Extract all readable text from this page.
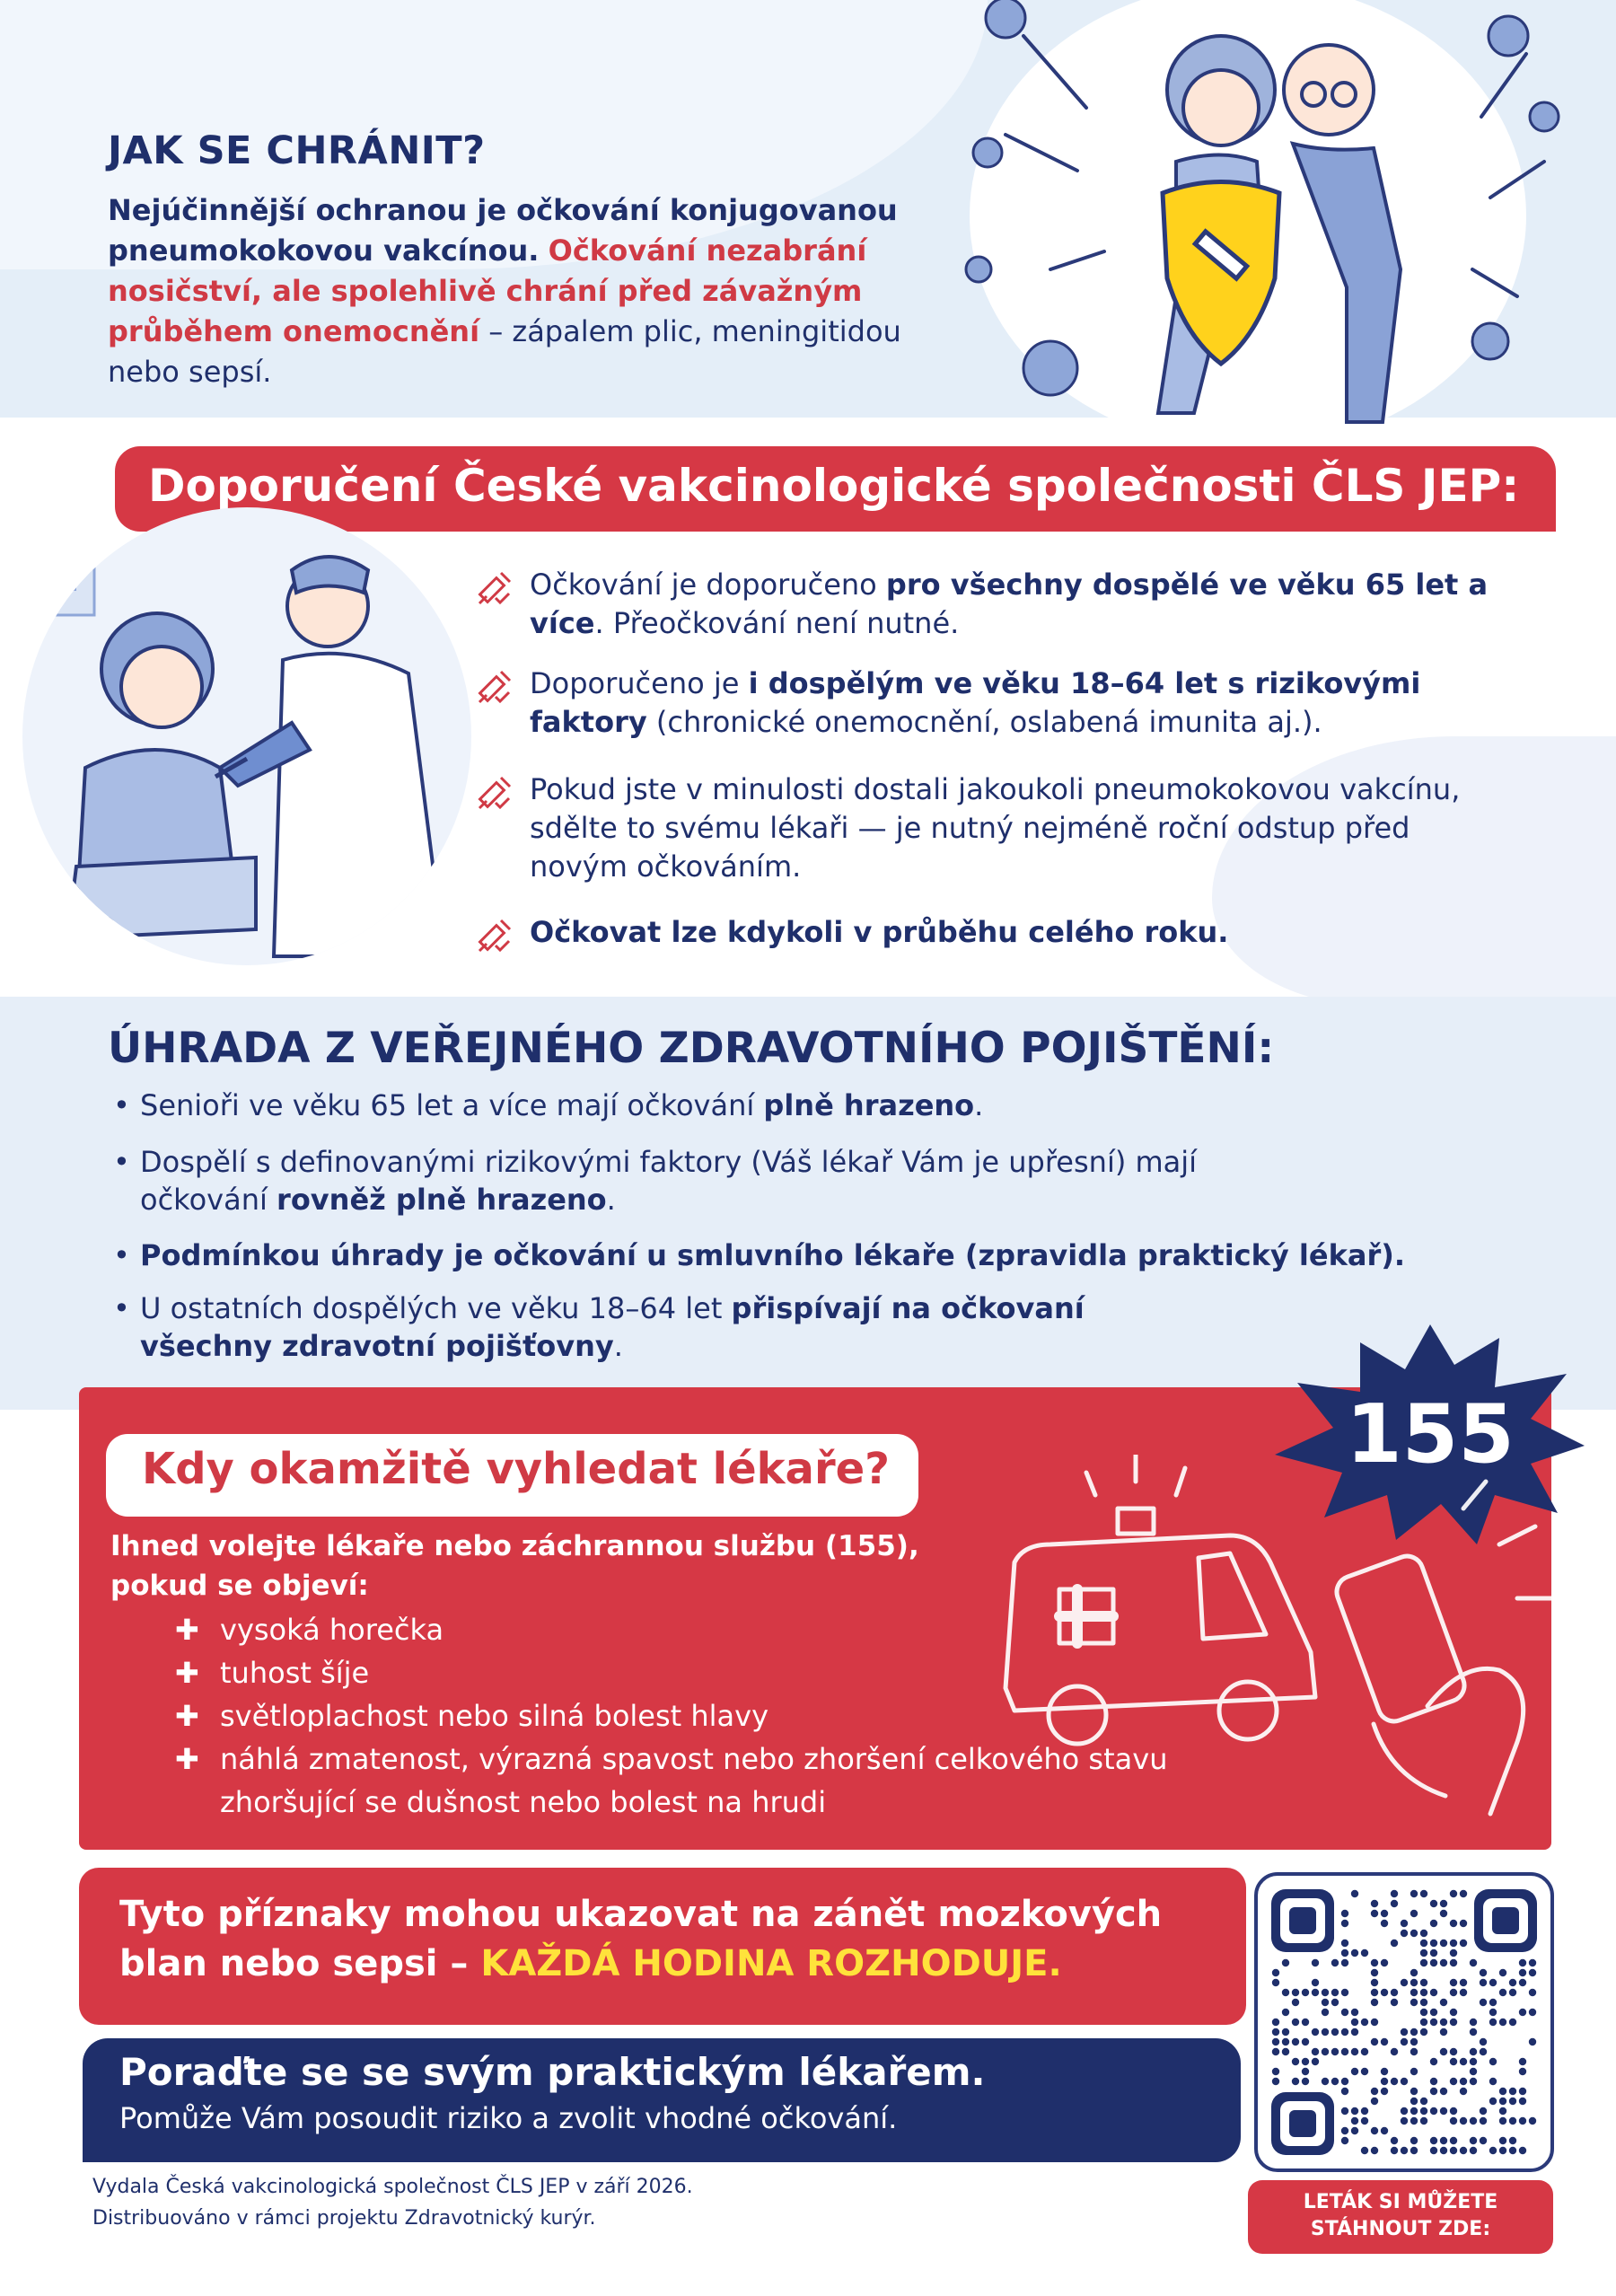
JAK SE CHRÁNIT?
Nejúčinnější ochranou je očkování konjugovanou pneumokokovou vakcínou. Očkování nezabrání nosičství, ale spolehlivě chrání před závažným průběhem onemocnění – zápalem plic, meningitidou nebo sepsí.
Doporučení České vakcinologické společnosti ČLS JEP:
Očkování je doporučeno pro všechny dospělé ve věku 65 let a více. Přeočkování není nutné.
Doporučeno je i dospělým ve věku 18–64 let s rizikovými faktory (chronické onemocnění, oslabená imunita aj.).
Pokud jste v minulosti dostali jakoukoli pneumokokovou vakcínu, sdělte to svému lékaři — je nutný nejméně roční odstup před novým očkováním.
Očkovat lze kdykoli v průběhu celého roku.
ÚHRADA Z VEŘEJNÉHO ZDRAVOTNÍHO POJIŠTĚNÍ:
• Senioři ve věku 65 let a více mají očkování plně hrazeno.
• Dospělí s definovanými rizikovými faktory (Váš lékař Vám je upřesní) mají očkování rovněž plně hrazeno.
• Podmínkou úhrady je očkování u smluvního lékaře (zpravidla praktický lékař).
• U ostatních dospělých ve věku 18–64 let přispívají na očkovaní všechny zdravotní pojišťovny.
Kdy okamžitě vyhledat lékaře?	155
Ihned volejte lékaře nebo záchrannou službu (155), pokud se objeví:
✚ vysoká horečka
✚ tuhost šíje
✚ světloplachost nebo silná bolest hlavy
✚ náhlá zmatenost, výrazná spavost nebo zhoršení celkového stavu
zhoršující se dušnost nebo bolest na hrudi
Tyto příznaky mohou ukazovat na zánět mozkových blan nebo sepsi – KAŽDÁ HODINA ROZHODUJE.
Poraďte se se svým praktickým lékařem.
Pomůže Vám posoudit riziko a zvolit vhodné očkování.
Vydala Česká vakcinologická společnost ČLS JEP v září 2026.
Distribuováno v rámci projektu Zdravotnický kurýr.
LETÁK SI MŮŽETE
STÁHNOUT ZDE:
